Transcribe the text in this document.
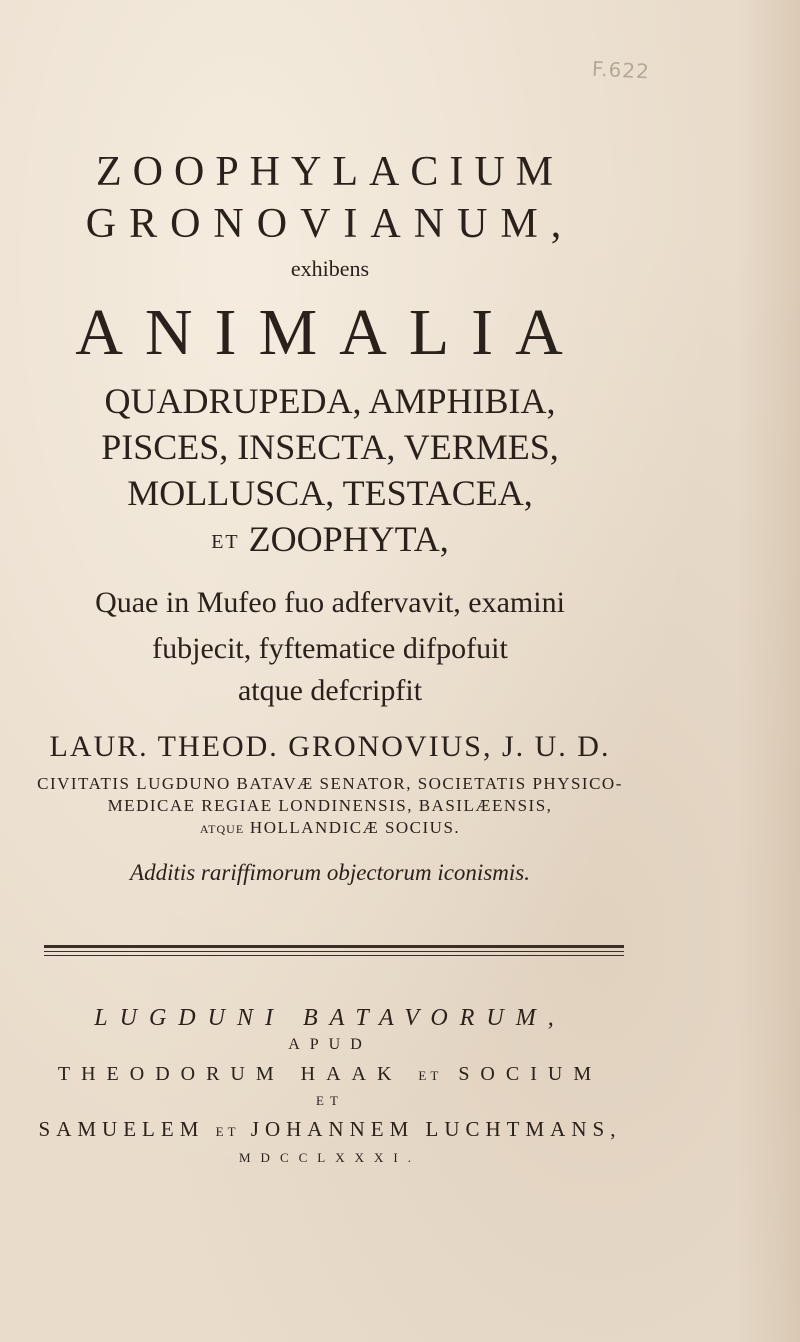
F.622
ZOOPHYLACIUM
GRONOVIANUM,
exhibens
ANIMALIA
QUADRUPEDA, AMPHIBIA,
PISCES, INSECTA, VERMES,
MOLLUSCA, TESTACEA,
ET ZOOPHYTA,
Quae in Mufeo fuo adfervavit, examini
fubjecit, fyftematice difpofuit
atque defcripfit
LAUR. THEOD. GRONOVIUS, J. U. D.
CIVITATIS LUGDUNO BATAVÆ SENATOR, SOCIETATIS PHYSICO-
MEDICAE REGIAE LONDINENSIS, BASILÆENSIS,
ATQUE HOLLANDICÆ SOCIUS.
Additis rariffimorum objectorum iconismis.
LUGDUNI BATAVORUM,
APUD
THEODORUM HAAK ET SOCIUM
ET
SAMUELEM ET JOHANNEM LUCHTMANS,
MDCCLXXXI.
